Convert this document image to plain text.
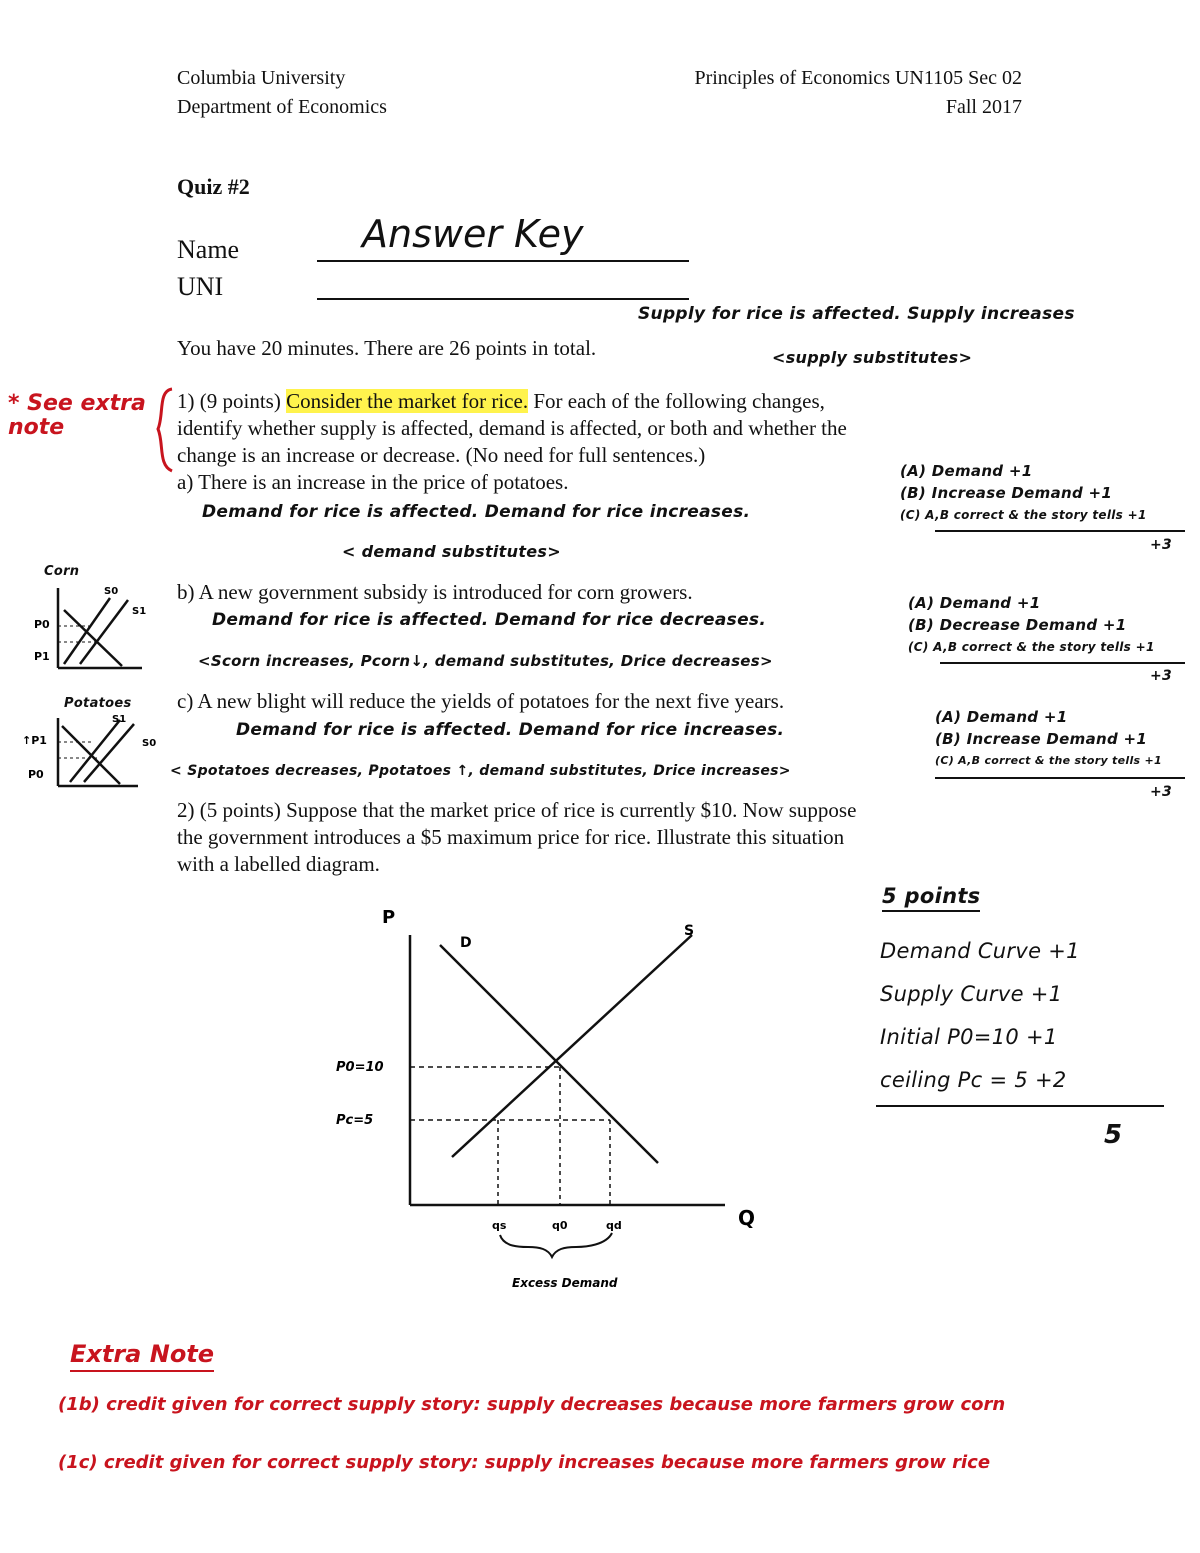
Columbia University
Department of Economics
Principles of Economics UN1105 Sec 02
Fall 2017
Quiz #2
Name
UNI
Answer Key
Supply for rice is affected. Supply increases
<supply substitutes>
You have 20 minutes. There are 26 points in total.
* See extra note
1) (9 points) Consider the market for rice. For each of the following changes,
identify whether supply is affected, demand is affected, or both and whether the
change is an increase or decrease. (No need for full sentences.)
a) There is an increase in the price of potatoes.
Demand for rice is affected. Demand for rice increases.
< demand substitutes>
(A) Demand +1
(B) Increase Demand +1
(C) A,B correct & the story tells +1
+3
Corn
P0
P1
S0
S1
b) A new government subsidy is introduced for corn growers.
Demand for rice is affected. Demand for rice decreases.
<Scorn increases, Pcorn↓, demand substitutes, Drice decreases>
(A) Demand +1
(B) Decrease Demand +1
(C) A,B correct & the story tells +1
+3
Potatoes
↑P1
P0
S1
S0
c) A new blight will reduce the yields of potatoes for the next five years.
Demand for rice is affected. Demand for rice increases.
< Spotatoes decreases, Ppotatoes ↑, demand substitutes, Drice increases>
(A) Demand +1
(B) Increase Demand +1
(C) A,B correct & the story tells +1
+3
2) (5 points) Suppose that the market price of rice is currently $10. Now suppose
the government introduces a $5 maximum price for rice. Illustrate this situation
with a labelled diagram.
P
Q
D
S
P0=10
Pc=5
qs	q0	qd
Excess Demand
5 points
Demand Curve +1
Supply Curve +1
Initial P0=10 +1
ceiling Pc = 5 +2
5
Extra Note
(1b) credit given for correct supply story: supply decreases because more farmers grow corn
(1c) credit given for correct supply story: supply increases because more farmers grow rice
